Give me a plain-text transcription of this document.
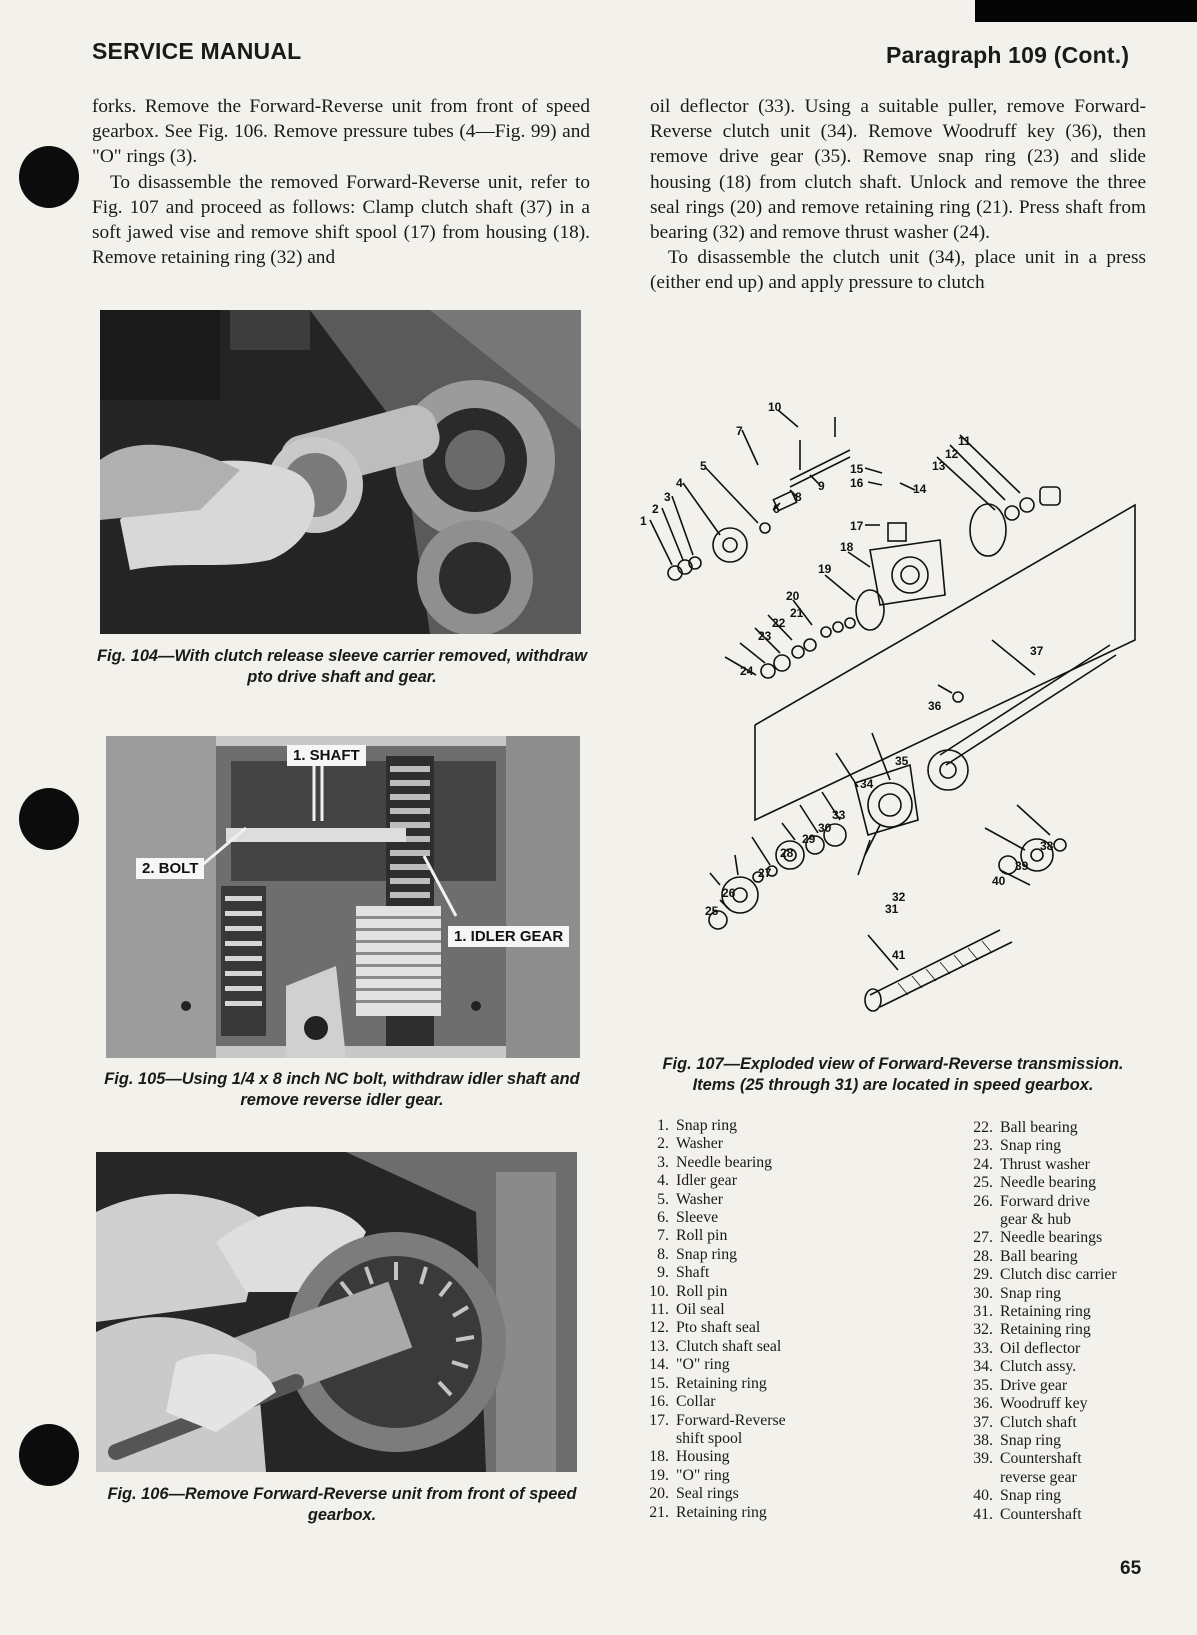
SERVICE MANUAL	Paragraph 109 (Cont.)

forks. Remove the Forward-Reverse unit from front of speed gearbox. See Fig. 106. Remove pressure tubes (4—Fig. 99) and "O" rings (3).

To disassemble the removed Forward-Reverse unit, refer to Fig. 107 and proceed as follows: Clamp clutch shaft (37) in a soft jawed vise and remove shift spool (17) from housing (18). Remove retaining ring (32) and

oil deflector (33). Using a suitable puller, remove Forward-Reverse clutch unit (34). Remove Woodruff key (36), then remove drive gear (35). Remove snap ring (23) and slide housing (18) from clutch shaft. Unlock and remove the three seal rings (20) and remove retaining ring (21). Press shaft from bearing (32) and remove thrust washer (24).

To disassemble the clutch unit (34), place unit in a press (either end up) and apply pressure to clutch

Fig. 104—With clutch release sleeve carrier removed, withdraw pto drive shaft and gear.
1. SHAFT
2. BOLT
1. IDLER GEAR
Fig. 105—Using 1/4 x 8 inch NC bolt, withdraw idler shaft and remove reverse idler gear.
Fig. 106—Remove Forward-Reverse unit from front of speed gearbox.
1
2
3
4
5
6
7
8
9
10
11
12
13
14
15
16
17
18
19
20
21
22
23
24
25
26
27
28
29
30
31
32
33
34
35
36
37
38
39
40
41
Fig. 107—Exploded view of Forward-Reverse transmission. Items (25 through 31) are located in speed gearbox.
1. Snap ring
2. Washer
3. Needle bearing
4. Idler gear
5. Washer
6. Sleeve
7. Roll pin
8. Snap ring
9. Shaft
10. Roll pin
11. Oil seal
12. Pto shaft seal
13. Clutch shaft seal
14. "O" ring
15. Retaining ring
16. Collar
17. Forward-Reverse
shift spool
18. Housing
19. "O" ring
20. Seal rings
21. Retaining ring
22. Ball bearing
23. Snap ring
24. Thrust washer
25. Needle bearing
26. Forward drive
gear & hub
27. Needle bearings
28. Ball bearing
29. Clutch disc carrier
30. Snap ring
31. Retaining ring
32. Retaining ring
33. Oil deflector
34. Clutch assy.
35. Drive gear
36. Woodruff key
37. Clutch shaft
38. Snap ring
39. Countershaft
reverse gear
40. Snap ring
41. Countershaft
65
